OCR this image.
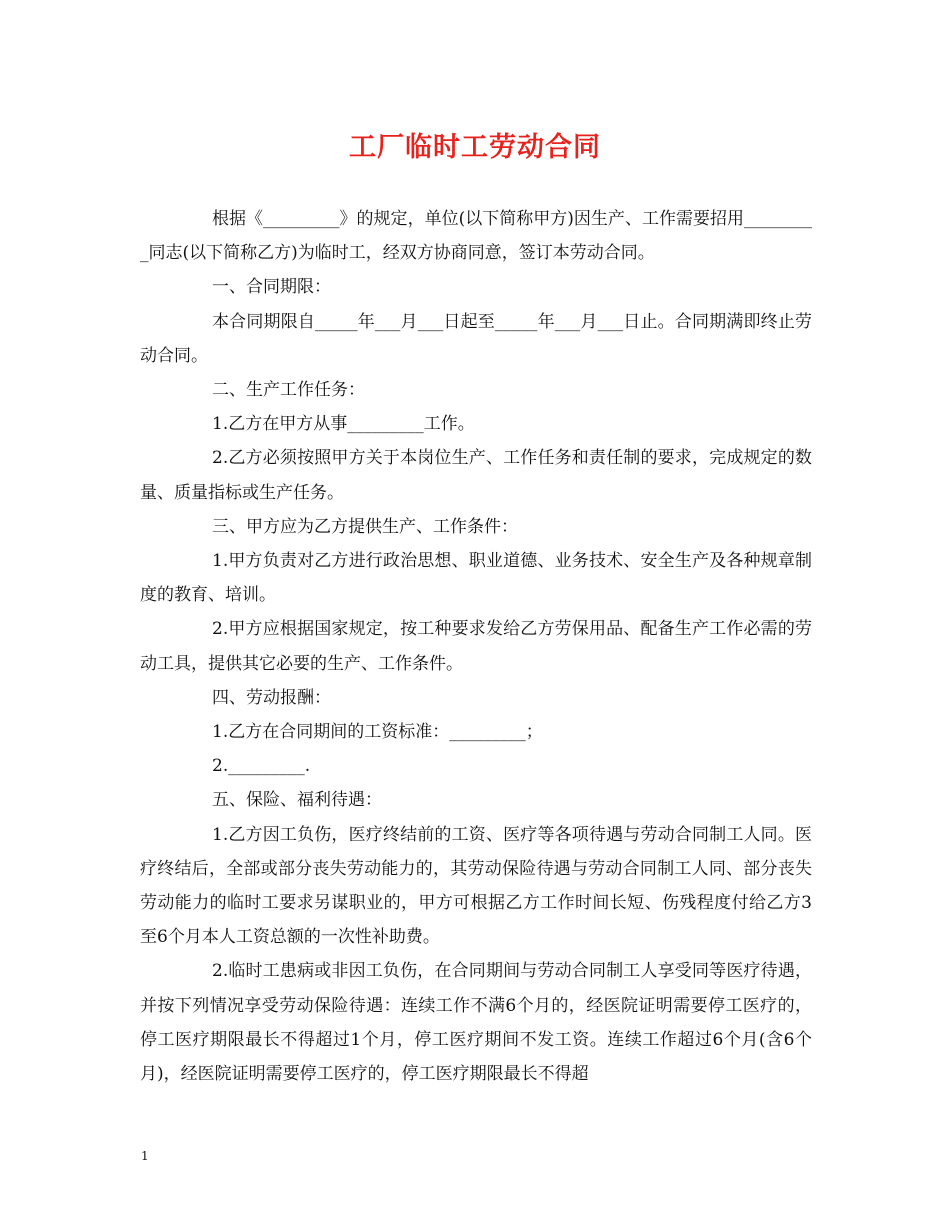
工厂临时工劳动合同

根据《_________》的规定，单位(以下简称甲方)因生产、工作需要招用_________同志(以下简称乙方)为临时工，经双方协商同意，签订本劳动合同。

一、合同期限：

本合同期限自_____年___月___日起至_____年___月___日止。合同期满即终止劳动合同。

二、生产工作任务：

1.乙方在甲方从事_________工作。

2.乙方必须按照甲方关于本岗位生产、工作任务和责任制的要求，完成规定的数量、质量指标或生产任务。

三、甲方应为乙方提供生产、工作条件：

1.甲方负责对乙方进行政治思想、职业道德、业务技术、安全生产及各种规章制度的教育、培训。

2.甲方应根据国家规定，按工种要求发给乙方劳保用品、配备生产工作必需的劳动工具，提供其它必要的生产、工作条件。

四、劳动报酬：

1.乙方在合同期间的工资标准：_________；

2._________.

五、保险、福利待遇：

1.乙方因工负伤，医疗终结前的工资、医疗等各项待遇与劳动合同制工人同。医疗终结后，全部或部分丧失劳动能力的，其劳动保险待遇与劳动合同制工人同、部分丧失劳动能力的临时工要求另谋职业的，甲方可根据乙方工作时间长短、伤残程度付给乙方3至6个月本人工资总额的一次性补助费。

2.临时工患病或非因工负伤，在合同期间与劳动合同制工人享受同等医疗待遇，并按下列情况享受劳动保险待遇：连续工作不满6个月的，经医院证明需要停工医疗的，停工医疗期限最长不得超过1个月，停工医疗期间不发工资。连续工作超过6个月(含6个月)，经医院证明需要停工医疗的，停工医疗期限最长不得超

1
